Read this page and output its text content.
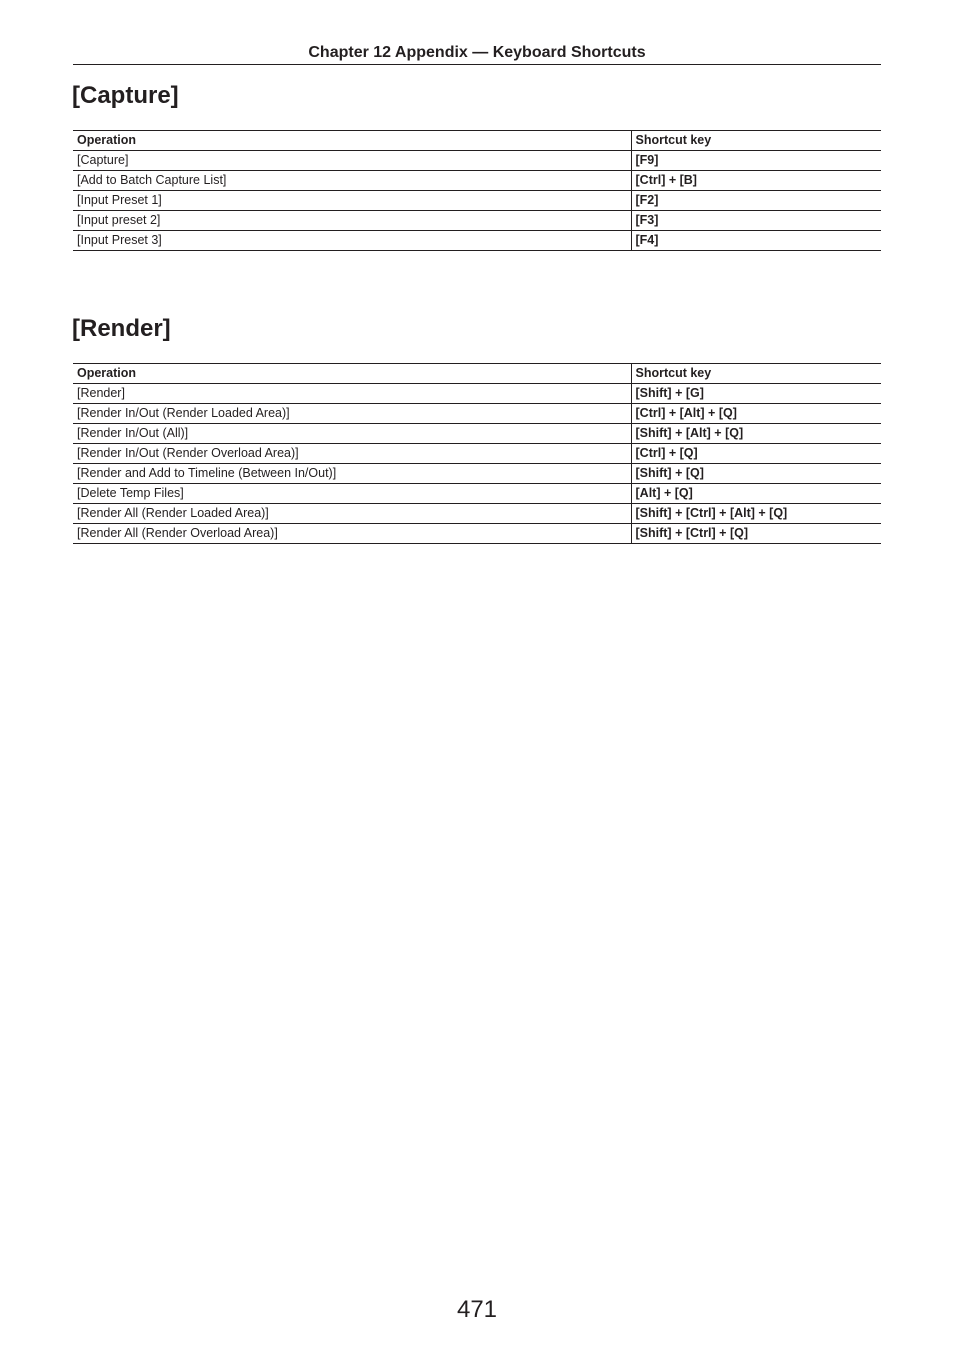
Chapter 12 Appendix — Keyboard Shortcuts
[Capture]
Operation	Shortcut key
[Capture]	[F9]
[Add to Batch Capture List]	[Ctrl] + [B]
[Input Preset 1]	[F2]
[Input preset 2]	[F3]
[Input Preset 3]	[F4]
[Render]
Operation	Shortcut key
[Render]	[Shift] + [G]
[Render In/Out (Render Loaded Area)]	[Ctrl] + [Alt] + [Q]
[Render In/Out (All)]	[Shift] + [Alt] + [Q]
[Render In/Out (Render Overload Area)]	[Ctrl] + [Q]
[Render and Add to Timeline (Between In/Out)]	[Shift] + [Q]
[Delete Temp Files]	[Alt] + [Q]
[Render All (Render Loaded Area)]	[Shift] + [Ctrl] + [Alt] + [Q]
[Render All (Render Overload Area)]	[Shift] + [Ctrl] + [Q]
471
